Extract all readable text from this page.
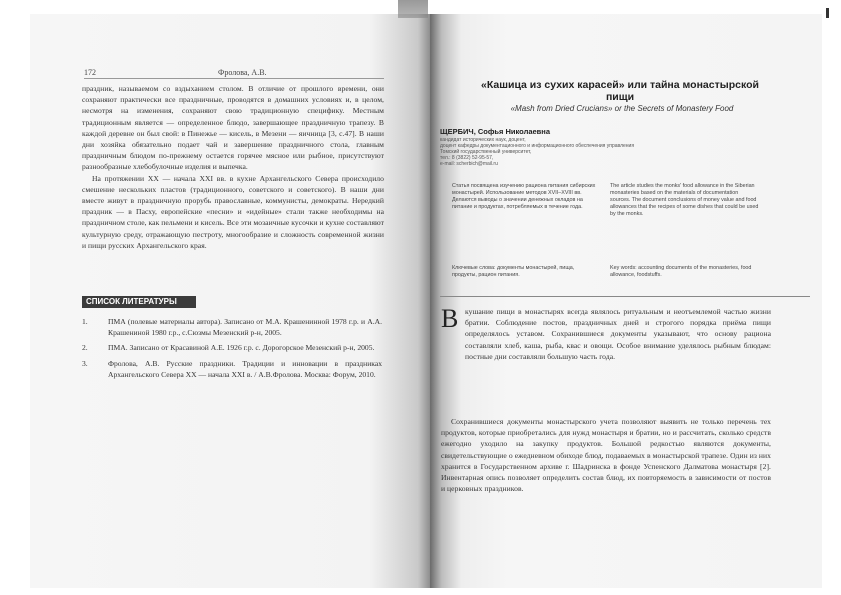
172	Фролова, А.В.

праздник, называемом со вздыханием столом. В отличие от прошлого времени, они сохраняют практически все праздничные, проводятся в домашних условиях и, в целом, несмотря на изменения, сохраняют свою традиционную специфику. Местным традиционным является — определенное блюдо, завершающее праздничную трапезу. В каждой деревне он был свой: в Пинежье — кисель, в Мезени — яичница [3, с.47]. В наши дни хозяйка обязательно подает чай и завершение праздничного стола, главным праздничным блюдом по-прежнему остается горячее мясное или рыбное, присутствуют разнообразные хлебобулочные изделия и выпечка.

На протяжении XX — начала XXI вв. в кухне Архангельского Севера происходило смешение нескольких пластов (традиционного, советского и советского). В наши дни вместе живут в праздничную прорубь православные, коммунисты, демократы. Нередкий праздник — в Пасху, европейские «песни» и «идейные» стали также необходимы на праздничном столе, как пельмени и кисель. Все эти мозаичные кусочки и кухне составляют культурную среду, отражающую пестроту, многообразие и сложность современной жизни и пищи русских Архангельского края.

СПИСОК ЛИТЕРАТУРЫ
1.	ПМА (полевые материалы автора). Записано от М.А. Крашенинной 1978 г.р. и А.А. Крашениной 1980 г.р., с.Сюзмы Мезенский р-н, 2005.
2.	ПМА. Записано от Красавиной А.Е. 1926 г.р. с. Дорогорское Мезенский р-н, 2005.
3.	Фролова, А.В. Русские праздники. Традиции и инновации в праздниках Архангельского Севера XX — начала XXI в. / А.В.Фролова. Москва: Форум, 2010.
«Кашица из сухих карасей» или тайна монастырской пищи
«Mash from Dried Crucians» or the Secrets of Monastery Food
ЩЕРБИЧ, Софья Николаевна
кандидат исторических наук, доцент,
доцент кафедры документационного и информационного обеспечения управления
Томский государственный университет,
тел.: 8 (3822) 52-95-57,
e-mail: scherbich@mail.ru
Статья посвящена изучению рациона питания сибирских монастырей. Использование методов XVII–XVIII вв. Делаются выводы о значении денежных окладов на питание и продуктах, потребляемых в течение года.
The article studies the monks' food allowance in the Siberian monasteries based on the materials of documentation sources. The document conclusions of money value and food allowances that the recipes of some dishes that could be used by the monks.
Ключевые слова: документы монастырей, пища, продукты, рацион питания.
Key words: accounting documents of the monasteries, food allowance, foodstuffs.
В кушание пищи в монастырях всегда являлось ритуальным и неотъемлемой частью жизни братии. Соблюдение постов, праздничных дней и строгого порядка приёма пищи определялось уставом. Сохранившиеся документы указывают, что основу рациона составляли хлеб, каша, рыба, квас и овощи. Особое внимание уделялось рыбным блюдам: постные дни составляли большую часть года.

Сохранившиеся документы монастырского учета позволяют выявить не только перечень тех продуктов, которые приобретались для нужд монастыря и братии, но и рассчитать, сколько средств ежегодно уходило на закупку продуктов. Большой редкостью являются документы, свидетельствующие о ежедневном обиходе блюд, подаваемых в монастырской трапезе. Один из них хранится в Государственном архиве г. Шадринска в фонде Успенского Далматова монастыря [2]. Инвентарная опись позволяет определить состав блюд, их повторяемость в зависимости от постов и церковных праздников.
